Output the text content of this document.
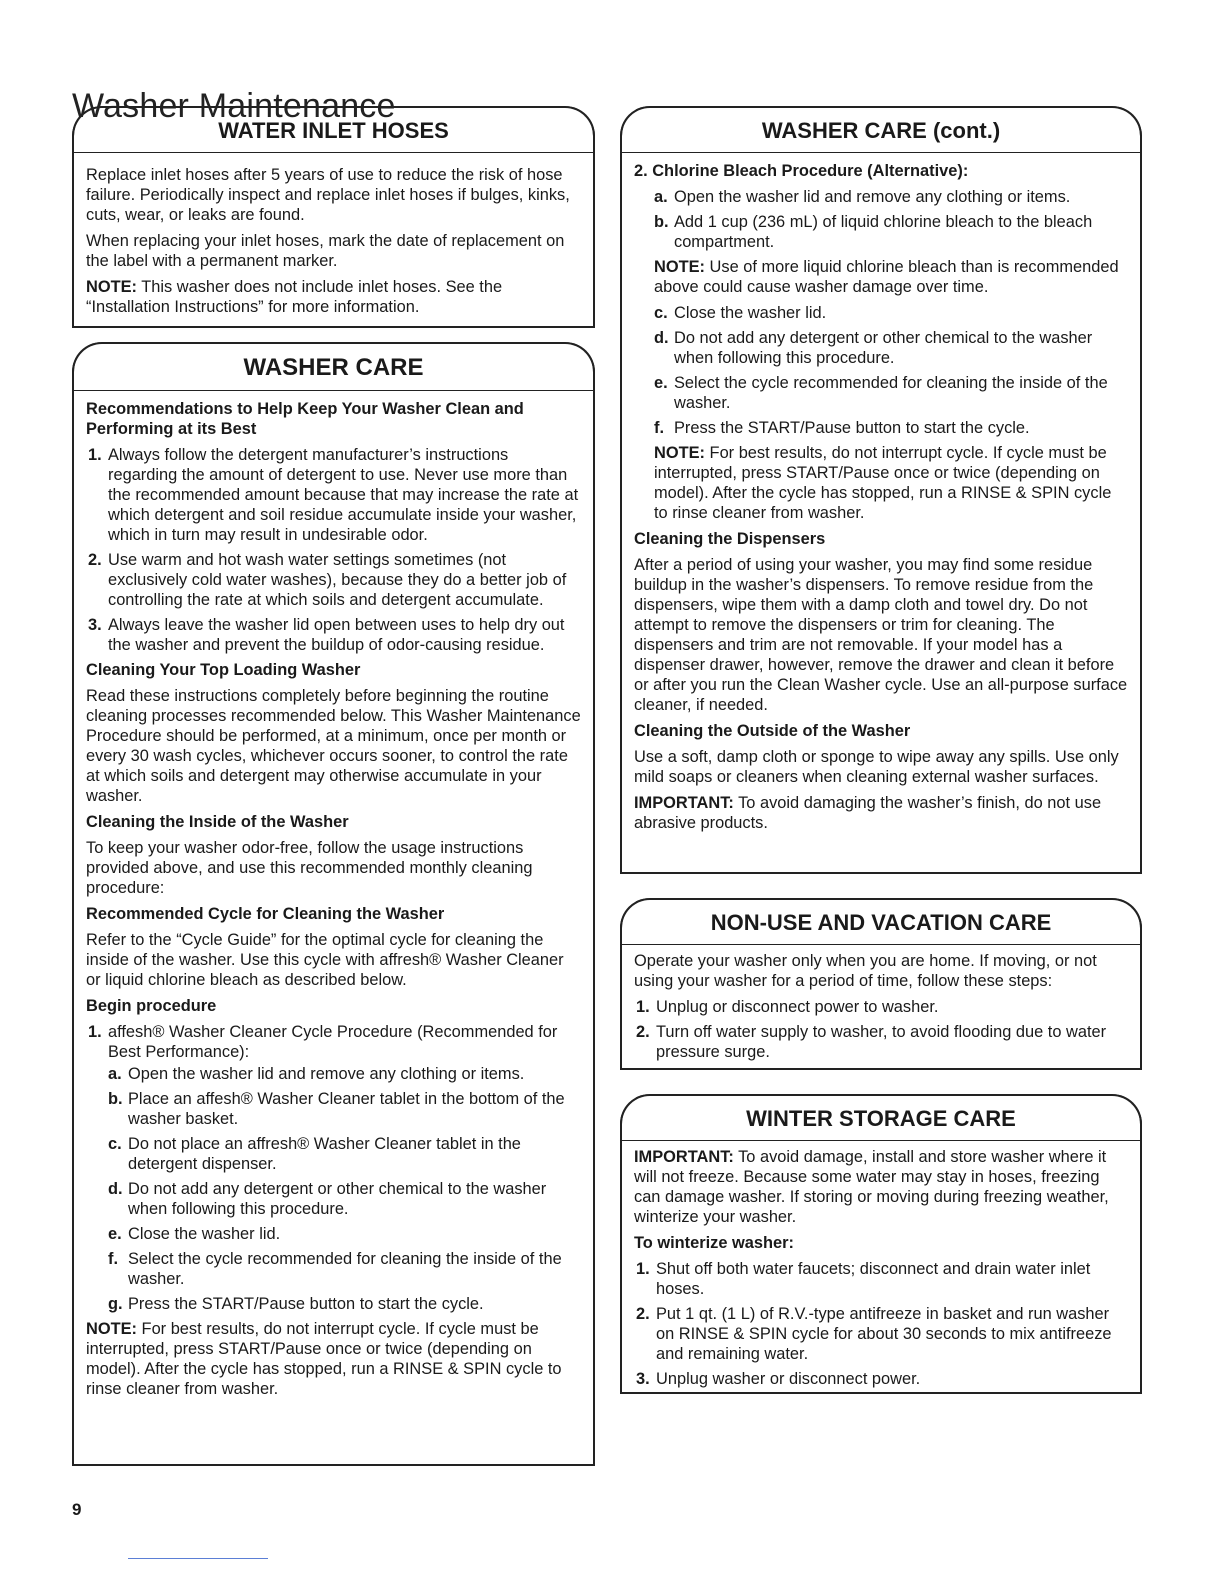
Washer Maintenance
WATER INLET HOSES

Replace inlet hoses after 5 years of use to reduce the risk of hose failure. Periodically inspect and replace inlet hoses if bulges, kinks, cuts, wear, or leaks are found.

When replacing your inlet hoses, mark the date of replacement on the label with a permanent marker.

NOTE: This washer does not include inlet hoses. See the “Installation Instructions” for more information.

WASHER CARE
Recommendations to Help Keep Your Washer Clean and Performing at its Best
1. Always follow the detergent manufacturer’s instructions regarding the amount of detergent to use. Never use more than the recommended amount because that may increase the rate at which detergent and soil residue accumulate inside your washer, which in turn may result in undesirable odor.
2. Use warm and hot wash water settings sometimes (not exclusively cold water washes), because they do a better job of controlling the rate at which soils and detergent accumulate.
3. Always leave the washer lid open between uses to help dry out the washer and prevent the buildup of odor-causing residue.
Cleaning Your Top Loading Washer

Read these instructions completely before beginning the routine cleaning processes recommended below. This Washer Maintenance Procedure should be performed, at a minimum, once per month or every 30 wash cycles, whichever occurs sooner, to control the rate at which soils and detergent may otherwise accumulate in your washer.

Cleaning the Inside of the Washer

To keep your washer odor-free, follow the usage instructions provided above, and use this recommended monthly cleaning procedure:

Recommended Cycle for Cleaning the Washer

Refer to the “Cycle Guide” for the optimal cycle for cleaning the inside of the washer. Use this cycle with affresh® Washer Cleaner or liquid chlorine bleach as described below.

Begin procedure
1. affesh® Washer Cleaner Cycle Procedure (Recommended for Best Performance):
a. Open the washer lid and remove any clothing or items.
b. Place an affesh® Washer Cleaner tablet in the bottom of the washer basket.
c. Do not place an affresh® Washer Cleaner tablet in the detergent dispenser.
d. Do not add any detergent or other chemical to the washer when following this procedure.
e. Close the washer lid.
f. Select the cycle recommended for cleaning the inside of the washer.
g. Press the START/Pause button to start the cycle.

NOTE: For best results, do not interrupt cycle. If cycle must be interrupted, press START/Pause once or twice (depending on model). After the cycle has stopped, run a RINSE & SPIN cycle to rinse cleaner from washer.

WASHER CARE (cont.)
2. Chlorine Bleach Procedure (Alternative):
a. Open the washer lid and remove any clothing or items.
b. Add 1 cup (236 mL) of liquid chlorine bleach to the bleach compartment.

NOTE: Use of more liquid chlorine bleach than is recommended above could cause washer damage over time.

c. Close the washer lid.
d. Do not add any detergent or other chemical to the washer when following this procedure.
e. Select the cycle recommended for cleaning the inside of the washer.
f. Press the START/Pause button to start the cycle.

NOTE: For best results, do not interrupt cycle. If cycle must be interrupted, press START/Pause once or twice (depending on model). After the cycle has stopped, run a RINSE & SPIN cycle to rinse cleaner from washer.

Cleaning the Dispensers

After a period of using your washer, you may find some residue buildup in the washer’s dispensers. To remove residue from the dispensers, wipe them with a damp cloth and towel dry. Do not attempt to remove the dispensers or trim for cleaning. The dispensers and trim are not removable. If your model has a dispenser drawer, however, remove the drawer and clean it before or after you run the Clean Washer cycle. Use an all-purpose surface cleaner, if needed.

Cleaning the Outside of the Washer

Use a soft, damp cloth or sponge to wipe away any spills. Use only mild soaps or cleaners when cleaning external washer surfaces.

IMPORTANT: To avoid damaging the washer’s finish, do not use abrasive products.

NON-USE AND VACATION CARE

Operate your washer only when you are home. If moving, or not using your washer for a period of time, follow these steps:

1. Unplug or disconnect power to washer.
2. Turn off water supply to washer, to avoid flooding due to water pressure surge.
WINTER STORAGE CARE

IMPORTANT: To avoid damage, install and store washer where it will not freeze. Because some water may stay in hoses, freezing can damage washer. If storing or moving during freezing weather, winterize your washer.

To winterize washer:
1. Shut off both water faucets; disconnect and drain water inlet hoses.
2. Put 1 qt. (1 L) of R.V.-type antifreeze in basket and run washer on RINSE & SPIN cycle for about 30 seconds to mix antifreeze and remaining water.
3. Unplug washer or disconnect power.
9
